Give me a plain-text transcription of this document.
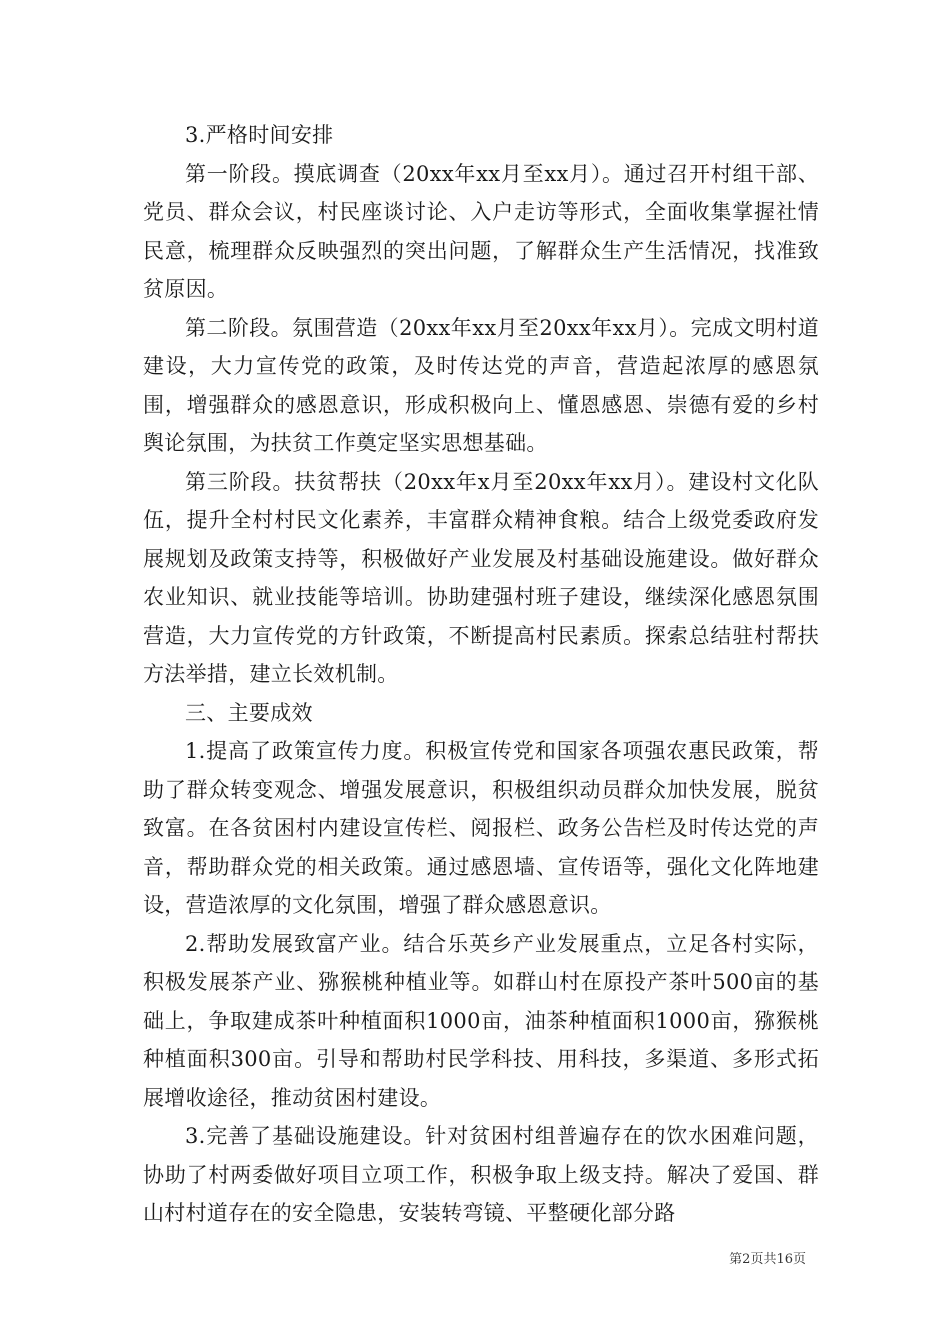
3.严格时间安排

第一阶段。摸底调查（20xx年xx月至xx月）。通过召开村组干部、党员、群众会议，村民座谈讨论、入户走访等形式，全面收集掌握社情民意，梳理群众反映强烈的突出问题，了解群众生产生活情况，找准致贫原因。

第二阶段。氛围营造（20xx年xx月至20xx年xx月）。完成文明村道建设，大力宣传党的政策，及时传达党的声音，营造起浓厚的感恩氛围，增强群众的感恩意识，形成积极向上、懂恩感恩、崇德有爱的乡村舆论氛围，为扶贫工作奠定坚实思想基础。

第三阶段。扶贫帮扶（20xx年x月至20xx年xx月）。建设村文化队伍，提升全村村民文化素养，丰富群众精神食粮。结合上级党委政府发展规划及政策支持等，积极做好产业发展及村基础设施建设。做好群众农业知识、就业技能等培训。协助建强村班子建设，继续深化感恩氛围营造，大力宣传党的方针政策，不断提高村民素质。探索总结驻村帮扶方法举措，建立长效机制。

三、主要成效

1.提高了政策宣传力度。积极宣传党和国家各项强农惠民政策，帮助了群众转变观念、增强发展意识，积极组织动员群众加快发展，脱贫致富。在各贫困村内建设宣传栏、阅报栏、政务公告栏及时传达党的声音，帮助群众党的相关政策。通过感恩墙、宣传语等，强化文化阵地建设，营造浓厚的文化氛围，增强了群众感恩意识。

2.帮助发展致富产业。结合乐英乡产业发展重点，立足各村实际，积极发展茶产业、猕猴桃种植业等。如群山村在原投产茶叶500亩的基础上，争取建成茶叶种植面积1000亩，油茶种植面积1000亩，猕猴桃种植面积300亩。引导和帮助村民学科技、用科技，多渠道、多形式拓展增收途径，推动贫困村建设。

3.完善了基础设施建设。针对贫困村组普遍存在的饮水困难问题，协助了村两委做好项目立项工作，积极争取上级支持。解决了爱国、群山村村道存在的安全隐患，安装转弯镜、平整硬化部分路

第2页共16页
